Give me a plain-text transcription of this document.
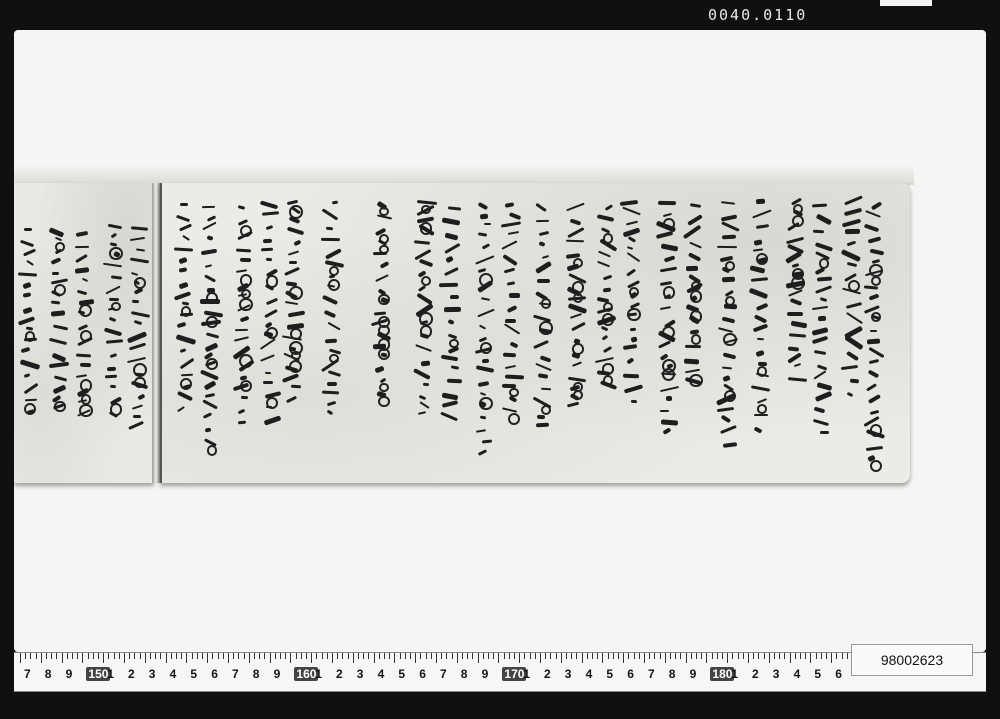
0040.0110
7 8 9 150
1 2 3 4 5 6 7 8 9 160
1 2 3 4 5 6 7 8 9 170
1 2 3 4 5 6 7 8 9 180
1 2 3 4 5 6
98002623
